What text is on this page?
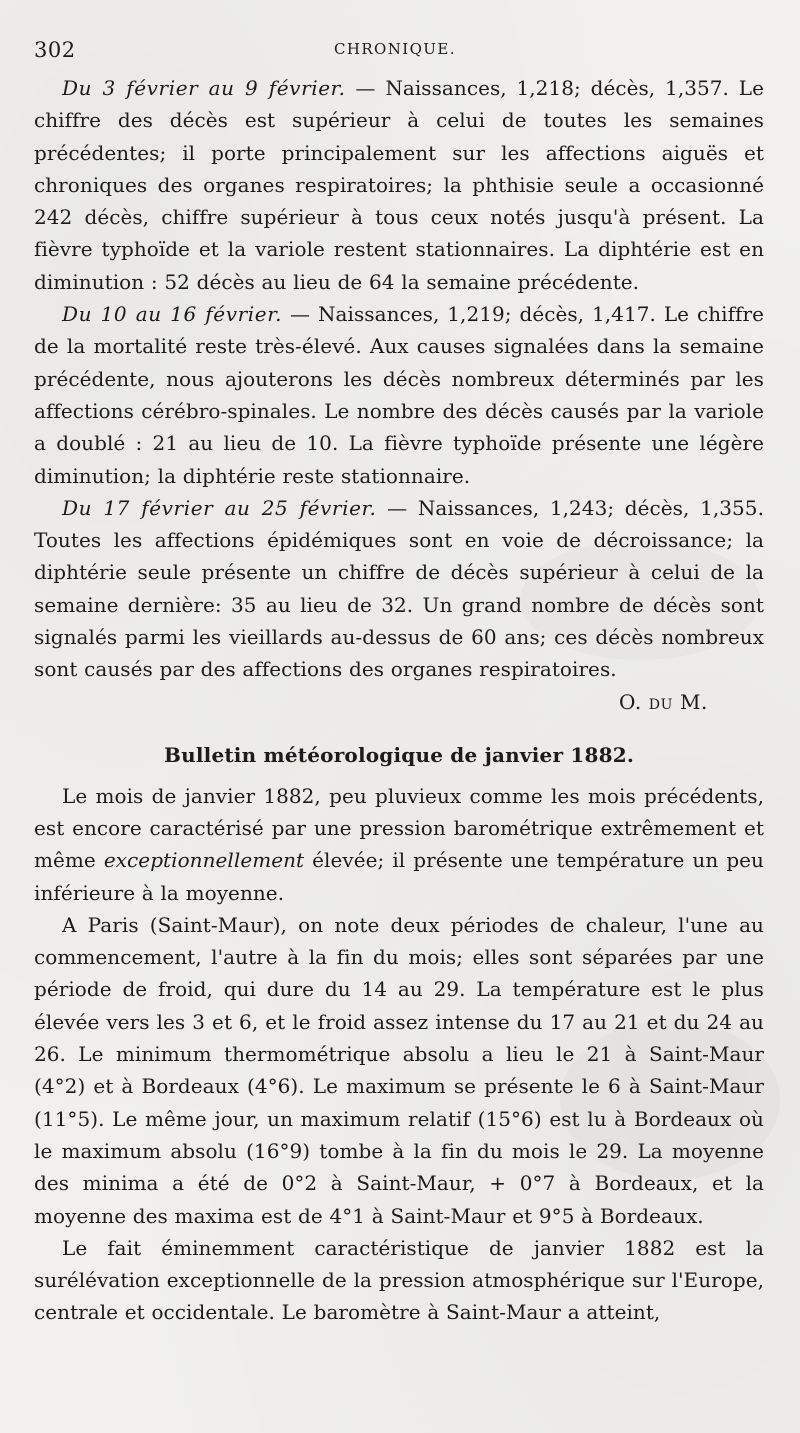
302	CHRONIQUE.

Du 3 février au 9 février. — Naissances, 1,218; décès, 1,357. Le chiffre des décès est supérieur à celui de toutes les semaines précédentes; il porte principalement sur les affections aiguës et chroniques des organes respiratoires; la phthisie seule a occasionné 242 décès, chiffre supérieur à tous ceux notés jusqu'à présent. La fièvre typhoïde et la variole restent stationnaires. La diphtérie est en diminution : 52 décès au lieu de 64 la semaine précédente.

Du 10 au 16 février. — Naissances, 1,219; décès, 1,417. Le chiffre de la mortalité reste très-élevé. Aux causes signalées dans la semaine précédente, nous ajouterons les décès nombreux déterminés par les affections cérébro-spinales. Le nombre des décès causés par la variole a doublé : 21 au lieu de 10. La fièvre typhoïde présente une légère diminution; la diphtérie reste stationnaire.

Du 17 février au 25 février. — Naissances, 1,243; décès, 1,355. Toutes les affections épidémiques sont en voie de décroissance; la diphtérie seule présente un chiffre de décès supérieur à celui de la semaine dernière: 35 au lieu de 32. Un grand nombre de décès sont signalés parmi les vieillards au-dessus de 60 ans; ces décès nombreux sont causés par des affections des organes respiratoires.

O. du M.
Bulletin météorologique de janvier 1882.

Le mois de janvier 1882, peu pluvieux comme les mois précédents, est encore caractérisé par une pression barométrique extrêmement et même exceptionnellement élevée; il présente une température un peu inférieure à la moyenne.

A Paris (Saint-Maur), on note deux périodes de chaleur, l'une au commencement, l'autre à la fin du mois; elles sont séparées par une période de froid, qui dure du 14 au 29. La température est le plus élevée vers les 3 et 6, et le froid assez intense du 17 au 21 et du 24 au 26. Le minimum thermométrique absolu a lieu le 21 à Saint-Maur (4°2) et à Bordeaux (4°6). Le maximum se présente le 6 à Saint-Maur (11°5). Le même jour, un maximum relatif (15°6) est lu à Bordeaux où le maximum absolu (16°9) tombe à la fin du mois le 29. La moyenne des minima a été de 0°2 à Saint-Maur, + 0°7 à Bordeaux, et la moyenne des maxima est de 4°1 à Saint-Maur et 9°5 à Bordeaux.

Le fait éminemment caractéristique de janvier 1882 est la surélévation exceptionnelle de la pression atmosphérique sur l'Europe, centrale et occidentale. Le baromètre à Saint-Maur a atteint,
